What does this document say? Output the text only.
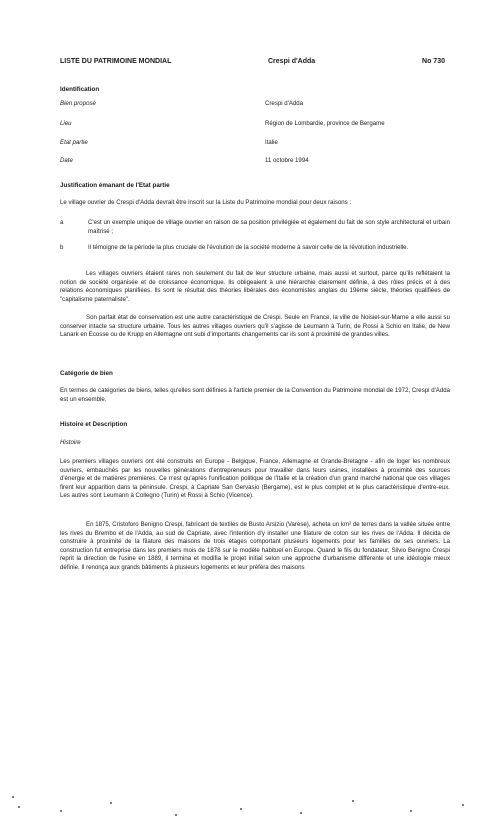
LISTE DU PATRIMOINE MONDIAL	Crespi d'Adda	No 730
Identification
Bien proposé	Crespi d'Adda
Lieu	Région de Lombardie, province de Bergame
Etat partie	Italie
Date	11 octobre 1994
Justification émanant de l'Etat partie

Le village ouvrier de Crespi d'Adda devrait être inscrit sur la Liste du Patrimoine mondial pour deux raisons :

a	C'est un exemple unique de village ouvrier en raison de sa position privilégiée et également du fait de son style architectural et urbain maîtrisé ;

b	Il témoigne de la période la plus cruciale de l'évolution de la société moderne à savoir celle de la révolution industrielle.

Les villages ouvriers étaient rares non seulement du fait de leur structure urbaine, mais aussi et surtout, parce qu'ils reflétaient la notion de société organisée et de croissance économique. Ils obligeaient à une hiérarchie clairement définie, à des rôles précis et à des relations économiques planifiées. Ils sont le résultat des théories libérales des économistes anglais du 19ème siècle, théories qualifiées de "capitalisme paternaliste".

Son parfait état de conservation est une autre caractéristique de Crespi. Seule en France, la ville de Noisiel-sur-Marne a elle aussi su conserver intacte sa structure urbaine. Tous les autres villages ouvriers qu'il s'agisse de Leumann à Turin, de Rossi à Schio en Italie, de New Lanark en Ecosse ou de Krupp en Allemagne ont subi d'importants changements car ils sont à proximité de grandes villes.

Catégorie de bien

En termes de catégories de biens, telles qu'elles sont définies à l'article premier de la Convention du Patrimoine mondial de 1972, Crespi d'Adda est un ensemble.

Histoire et Description
Histoire

Les premiers villages ouvriers ont été construits en Europe - Belgique, France, Allemagne et Grande-Bretagne - afin de loger les nombreux ouvriers, embauchés par les nouvelles générations d'entrepreneurs pour travailler dans leurs usines, installées à proximité des sources d'énergie et de matières premières. Ce n'est qu'après l'unification politique de l'Italie et la création d'un grand marché national que ces villages firent leur apparition dans la péninsule. Crespi, à Capriate San Gervasio (Bergame), est le plus complet et le plus caractéristique d'entre-eux. Les autres sont Leumann à Collegno (Turin) et Rossi à Schio (Vicence).

En 1875, Cristoforo Benigno Crespi, fabricant de textiles de Busto Arsizio (Varese), acheta un km² de terres dans la vallée située entre les rives du Brembo et de l'Adda, au sud de Capriate, avec l'intention d'y installer une filature de coton sur les rives de l'Adda. Il décida de construire à proximité de la filature des maisons de trois étages comportant plusieurs logements pour les familles de ses ouvriers. La construction fut entreprise dans les premiers mois de 1878 sur le modèle habituel en Europe. Quand le fils du fondateur, Silvio Benigno Crespi reprit la direction de l'usine en 1889, il termina et modifia le projet initial selon une approche d'urbanisme différente et une idéologie mieux définie. Il renonça aux grands bâtiments à plusieurs logements et leur préféra des maisons
